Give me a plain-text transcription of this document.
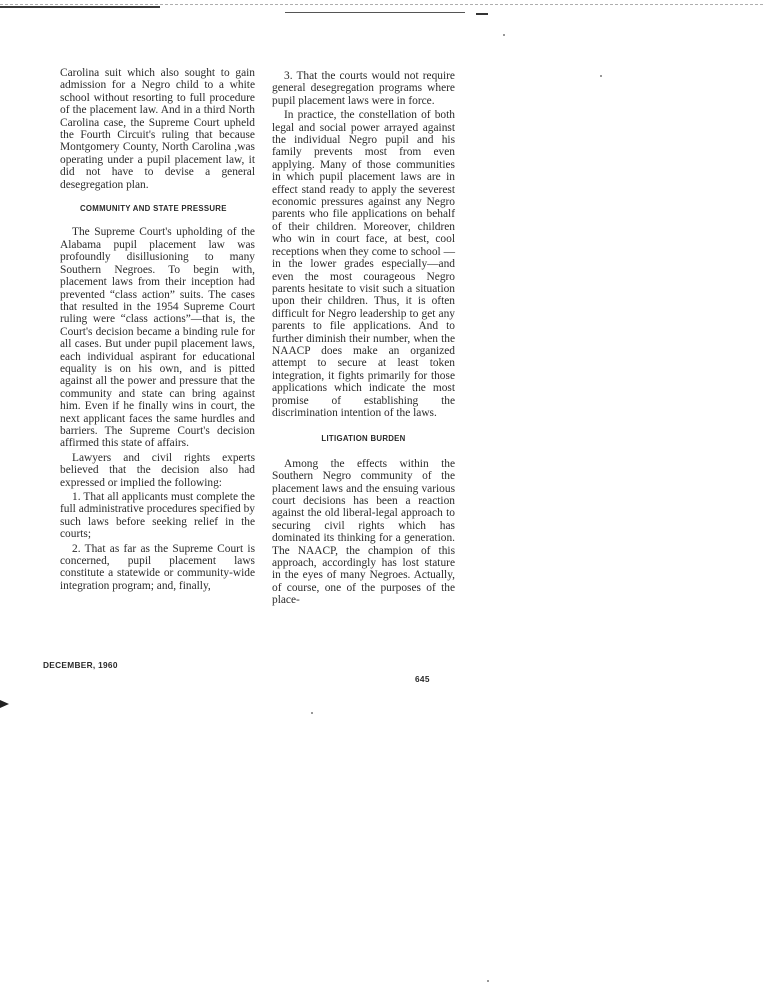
Carolina suit which also sought to gain admission for a Negro child to a white school without resorting to full procedure of the placement law. And in a third North Carolina case, the Supreme Court upheld the Fourth Circuit's ruling that because Montgomery County, North Carolina ,was operating under a pupil placement law, it did not have to devise a general desegregation plan.

COMMUNITY AND STATE PRESSURE

The Supreme Court's upholding of the Alabama pupil placement law was profoundly disillusioning to many Southern Negroes. To begin with, placement laws from their inception had prevented “class action” suits. The cases that resulted in the 1954 Supreme Court ruling were “class actions”—that is, the Court's decision became a binding rule for all cases. But under pupil placement laws, each individual aspirant for educational equality is on his own, and is pitted against all the power and pressure that the community and state can bring against him. Even if he finally wins in court, the next applicant faces the same hurdles and barriers. The Supreme Court's decision affirmed this state of affairs.

Lawyers and civil rights experts believed that the decision also had expressed or implied the following:

1. That all applicants must complete the full administrative procedures specified by such laws before seeking relief in the courts;

2. That as far as the Supreme Court is concerned, pupil placement laws constitute a statewide or community-wide integration program; and, finally,

3. That the courts would not require general desegregation programs where pupil placement laws were in force.

In practice, the constellation of both legal and social power arrayed against the individual Negro pupil and his family prevents most from even applying. Many of those communities in which pupil placement laws are in effect stand ready to apply the severest economic pressures against any Negro parents who file applications on behalf of their children. Moreover, children who win in court face, at best, cool receptions when they come to school —in the lower grades especially—and even the most courageous Negro parents hesitate to visit such a situation upon their children. Thus, it is often difficult for Negro leadership to get any parents to file applications. And to further diminish their number, when the NAACP does make an organized attempt to secure at least token integration, it fights primarily for those applications which indicate the most promise of establishing the discrimination intention of the laws.

LITIGATION BURDEN

Among the effects within the Southern Negro community of the placement laws and the ensuing various court decisions has been a reaction against the old liberal-legal approach to securing civil rights which has dominated its thinking for a generation. The NAACP, the champion of this approach, accordingly has lost stature in the eyes of many Negroes. Actually, of course, one of the purposes of the place-

DECEMBER, 1960
645
